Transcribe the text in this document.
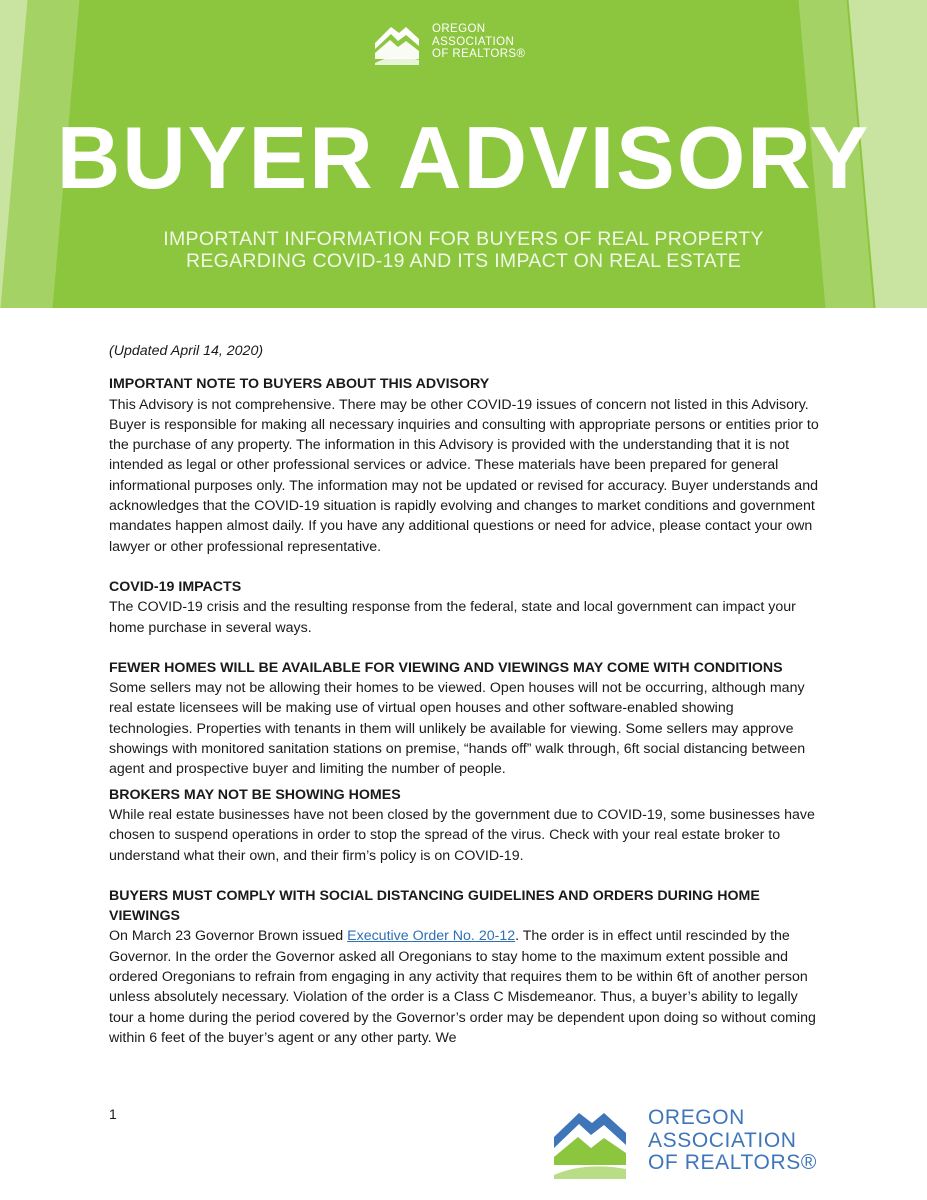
OREGON
ASSOCIATION
OF REALTORS®
BUYER ADVISORY
IMPORTANT INFORMATION FOR BUYERS OF REAL PROPERTY
REGARDING COVID-19 AND ITS IMPACT ON REAL ESTATE

(Updated April 14, 2020)

IMPORTANT NOTE TO BUYERS ABOUT THIS ADVISORY

This Advisory is not comprehensive. There may be other COVID-19 issues of concern not listed in this Advisory. Buyer is responsible for making all necessary inquiries and consulting with appropriate persons or entities prior to the purchase of any property. The information in this Advisory is provided with the understanding that it is not intended as legal or other professional services or advice. These materials have been prepared for general informational purposes only. The information may not be updated or revised for accuracy. Buyer understands and acknowledges that the COVID-19 situation is rapidly evolving and changes to market conditions and government mandates happen almost daily. If you have any additional questions or need for advice, please contact your own lawyer or other professional representative.

COVID-19 IMPACTS

The COVID-19 crisis and the resulting response from the federal, state and local government can impact your home purchase in several ways.

FEWER HOMES WILL BE AVAILABLE FOR VIEWING AND VIEWINGS MAY COME WITH CONDITIONS

Some sellers may not be allowing their homes to be viewed. Open houses will not be occurring, although many real estate licensees will be making use of virtual open houses and other software-enabled showing technologies. Properties with tenants in them will unlikely be available for viewing. Some sellers may approve showings with monitored sanitation stations on premise, “hands off” walk through, 6ft social distancing between agent and prospective buyer and limiting the number of people.

BROKERS MAY NOT BE SHOWING HOMES

While real estate businesses have not been closed by the government due to COVID-19, some businesses have chosen to suspend operations in order to stop the spread of the virus. Check with your real estate broker to understand what their own, and their firm’s policy is on COVID-19.

BUYERS MUST COMPLY WITH SOCIAL DISTANCING GUIDELINES AND ORDERS DURING HOME VIEWINGS

On March 23 Governor Brown issued Executive Order No. 20-12. The order is in effect until rescinded by the Governor. In the order the Governor asked all Oregonians to stay home to the maximum extent possible and ordered Oregonians to refrain from engaging in any activity that requires them to be within 6ft of another person unless absolutely necessary. Violation of the order is a Class C Misdemeanor. Thus, a buyer’s ability to legally tour a home during the period covered by the Governor’s order may be dependent upon doing so without coming within 6 feet of the buyer’s agent or any other party. We

1	OREGON
ASSOCIATION
OF REALTORS®
